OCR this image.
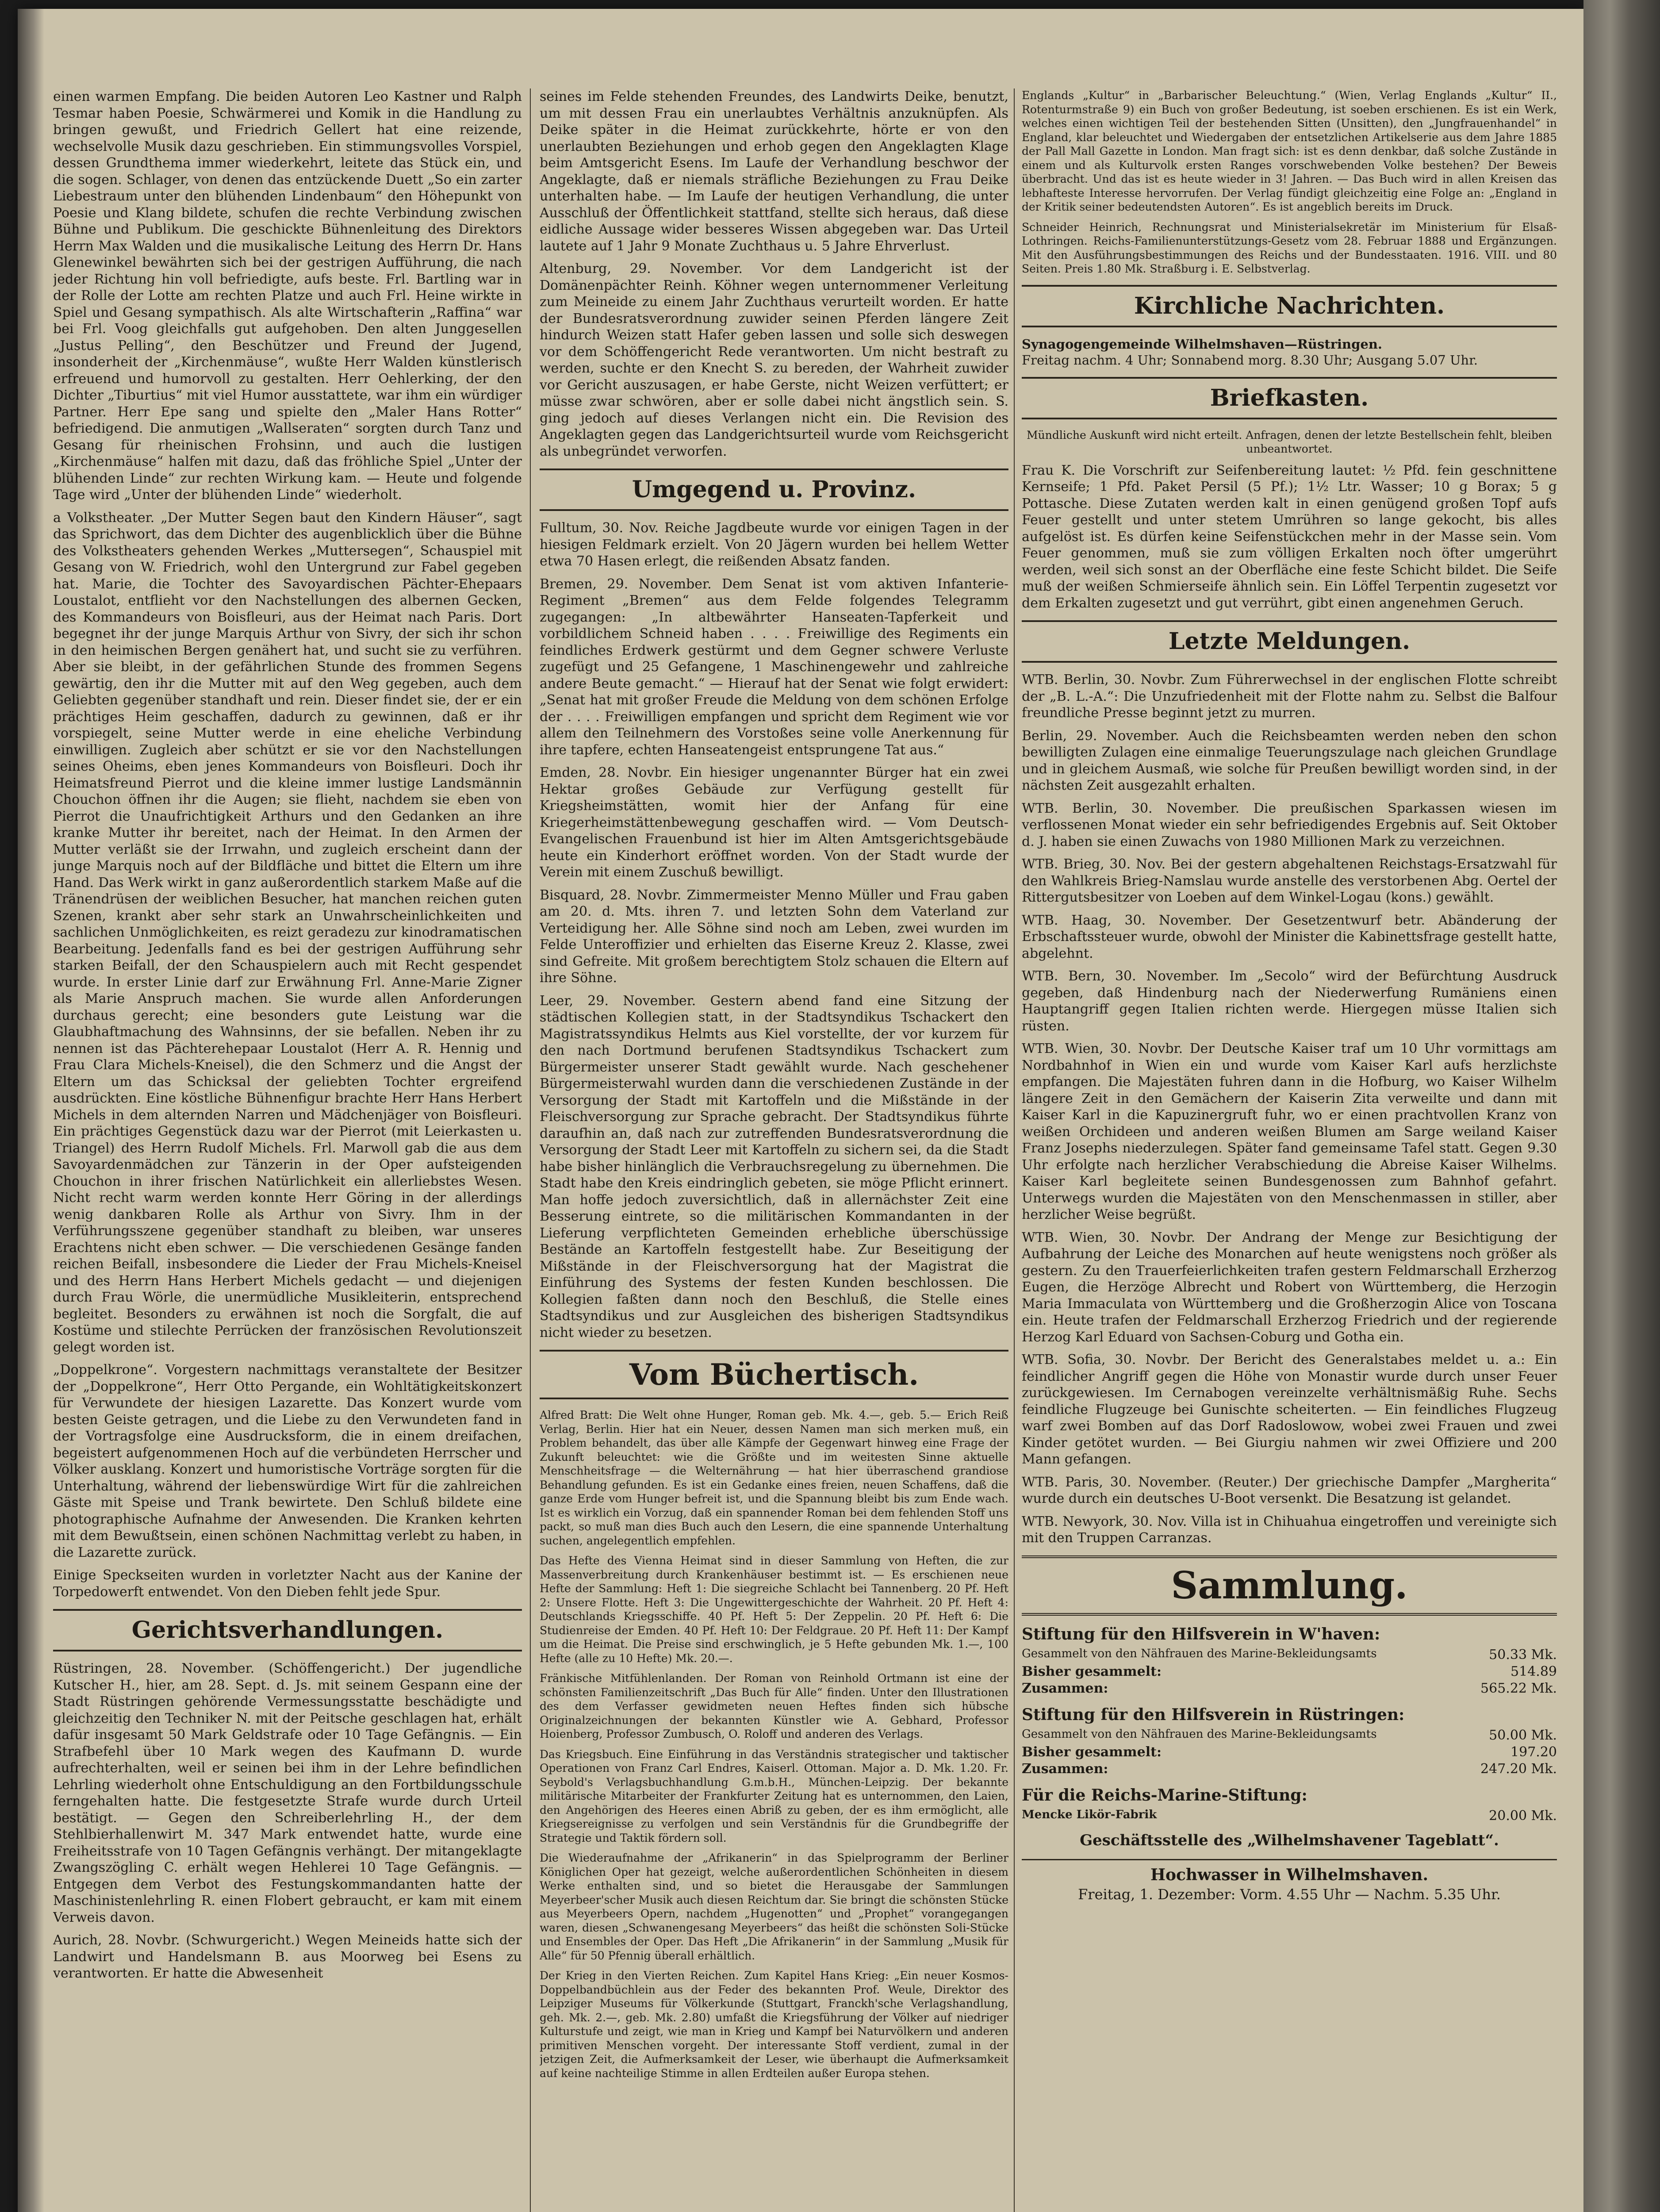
einen warmen Empfang. Die beiden Autoren Leo Kastner und Ralph Tesmar haben Poesie, Schwärmerei und Komik in die Handlung zu bringen gewußt, und Friedrich Gellert hat eine reizende, wechselvolle Musik dazu geschrieben. Ein stimmungsvolles Vorspiel, dessen Grundthema immer wiederkehrt, leitete das Stück ein, und die sogen. Schlager, von denen das entzückende Duett „So ein zarter Liebestraum unter den blühenden Lindenbaum“ den Höhepunkt von Poesie und Klang bildete, schufen die rechte Verbindung zwischen Bühne und Publikum. Die geschickte Bühnenleitung des Direktors Herrn Max Walden und die musikalische Leitung des Herrn Dr. Hans Glenewinkel bewährten sich bei der gestrigen Aufführung, die nach jeder Richtung hin voll befriedigte, aufs beste. Frl. Bartling war in der Rolle der Lotte am rechten Platze und auch Frl. Heine wirkte in Spiel und Gesang sympathisch. Als alte Wirtschafterin „Raffina“ war bei Frl. Voog gleichfalls gut aufgehoben. Den alten Junggesellen „Justus Pelling“, den Beschützer und Freund der Jugend, insonderheit der „Kirchenmäuse“, wußte Herr Walden künstlerisch erfreuend und humorvoll zu gestalten. Herr Oehlerking, der den Dichter „Tiburtius“ mit viel Humor ausstattete, war ihm ein würdiger Partner. Herr Epe sang und spielte den „Maler Hans Rotter“ befriedigend. Die anmutigen „Wallseraten“ sorgten durch Tanz und Gesang für rheinischen Frohsinn, und auch die lustigen „Kirchenmäuse“ halfen mit dazu, daß das fröhliche Spiel „Unter der blühenden Linde“ zur rechten Wirkung kam. — Heute und folgende Tage wird „Unter der blühenden Linde“ wiederholt.

a Volkstheater. „Der Mutter Segen baut den Kindern Häuser“, sagt das Sprichwort, das dem Dichter des augenblicklich über die Bühne des Volkstheaters gehenden Werkes „Muttersegen“, Schauspiel mit Gesang von W. Friedrich, wohl den Untergrund zur Fabel gegeben hat. Marie, die Tochter des Savoyardischen Pächter-Ehepaars Loustalot, entflieht vor den Nachstellungen des albernen Gecken, des Kommandeurs von Boisfleuri, aus der Heimat nach Paris. Dort begegnet ihr der junge Marquis Arthur von Sivry, der sich ihr schon in den heimischen Bergen genähert hat, und sucht sie zu verführen. Aber sie bleibt, in der gefährlichen Stunde des frommen Segens gewärtig, den ihr die Mutter mit auf den Weg gegeben, auch dem Geliebten gegenüber standhaft und rein. Dieser findet sie, der er ein prächtiges Heim geschaffen, dadurch zu gewinnen, daß er ihr vorspiegelt, seine Mutter werde in eine eheliche Verbindung einwilligen. Zugleich aber schützt er sie vor den Nachstellungen seines Oheims, eben jenes Kommandeurs von Boisfleuri. Doch ihr Heimatsfreund Pierrot und die kleine immer lustige Landsmännin Chouchon öffnen ihr die Augen; sie flieht, nachdem sie eben von Pierrot die Unaufrichtigkeit Arthurs und den Gedanken an ihre kranke Mutter ihr bereitet, nach der Heimat. In den Armen der Mutter verläßt sie der Irrwahn, und zugleich erscheint dann der junge Marquis noch auf der Bildfläche und bittet die Eltern um ihre Hand. Das Werk wirkt in ganz außerordentlich starkem Maße auf die Tränendrüsen der weiblichen Besucher, hat manchen reichen guten Szenen, krankt aber sehr stark an Unwahrscheinlichkeiten und sachlichen Unmöglichkeiten, es reizt geradezu zur kinodramatischen Bearbeitung. Jedenfalls fand es bei der gestrigen Aufführung sehr starken Beifall, der den Schauspielern auch mit Recht gespendet wurde. In erster Linie darf zur Erwähnung Frl. Anne-Marie Zigner als Marie Anspruch machen. Sie wurde allen Anforderungen durchaus gerecht; eine besonders gute Leistung war die Glaubhaftmachung des Wahnsinns, der sie befallen. Neben ihr zu nennen ist das Pächterehepaar Loustalot (Herr A. R. Hennig und Frau Clara Michels-Kneisel), die den Schmerz und die Angst der Eltern um das Schicksal der geliebten Tochter ergreifend ausdrückten. Eine köstliche Bühnenfigur brachte Herr Hans Herbert Michels in dem alternden Narren und Mädchenjäger von Boisfleuri. Ein prächtiges Gegenstück dazu war der Pierrot (mit Leierkasten u. Triangel) des Herrn Rudolf Michels. Frl. Marwoll gab die aus dem Savoyardenmädchen zur Tänzerin in der Oper aufsteigenden Chouchon in ihrer frischen Natürlichkeit ein allerliebstes Wesen. Nicht recht warm werden konnte Herr Göring in der allerdings wenig dankbaren Rolle als Arthur von Sivry. Ihm in der Verführungsszene gegenüber standhaft zu bleiben, war unseres Erachtens nicht eben schwer. — Die verschiedenen Gesänge fanden reichen Beifall, insbesondere die Lieder der Frau Michels-Kneisel und des Herrn Hans Herbert Michels gedacht — und diejenigen durch Frau Wörle, die unermüdliche Musikleiterin, entsprechend begleitet. Besonders zu erwähnen ist noch die Sorgfalt, die auf Kostüme und stilechte Perrücken der französischen Revolutionszeit gelegt worden ist.

„Doppelkrone“. Vorgestern nachmittags veranstaltete der Besitzer der „Doppelkrone“, Herr Otto Pergande, ein Wohltätigkeitskonzert für Verwundete der hiesigen Lazarette. Das Konzert wurde vom besten Geiste getragen, und die Liebe zu den Verwundeten fand in der Vortragsfolge eine Ausdrucksform, die in einem dreifachen, begeistert aufgenommenen Hoch auf die verbündeten Herrscher und Völker ausklang. Konzert und humoristische Vorträge sorgten für die Unterhaltung, während der liebenswürdige Wirt für die zahlreichen Gäste mit Speise und Trank bewirtete. Den Schluß bildete eine photographische Aufnahme der Anwesenden. Die Kranken kehrten mit dem Bewußtsein, einen schönen Nachmittag verlebt zu haben, in die Lazarette zurück.

Einige Speckseiten wurden in vorletzter Nacht aus der Kanine der Torpedowerft entwendet. Von den Dieben fehlt jede Spur.

Gerichtsverhandlungen.

Rüstringen, 28. November. (Schöffengericht.) Der jugendliche Kutscher H., hier, am 28. Sept. d. Js. mit seinem Gespann eine der Stadt Rüstringen gehörende Vermessungsstatte beschädigte und gleichzeitig den Techniker N. mit der Peitsche geschlagen hat, erhält dafür insgesamt 50 Mark Geldstrafe oder 10 Tage Gefängnis. — Ein Strafbefehl über 10 Mark wegen des Kaufmann D. wurde aufrechterhalten, weil er seinen bei ihm in der Lehre befindlichen Lehrling wiederholt ohne Entschuldigung an den Fortbildungsschule ferngehalten hatte. Die festgesetzte Strafe wurde durch Urteil bestätigt. — Gegen den Schreiberlehrling H., der dem Stehlbierhallenwirt M. 347 Mark entwendet hatte, wurde eine Freiheitsstrafe von 10 Tagen Gefängnis verhängt. Der mitangeklagte Zwangszögling C. erhält wegen Hehlerei 10 Tage Gefängnis. — Entgegen dem Verbot des Festungskommandanten hatte der Maschinistenlehrling R. einen Flobert gebraucht, er kam mit einem Verweis davon.

Aurich, 28. Novbr. (Schwurgericht.) Wegen Meineids hatte sich der Landwirt und Handelsmann B. aus Moorweg bei Esens zu verantworten. Er hatte die Abwesenheit

seines im Felde stehenden Freundes, des Landwirts Deike, benutzt, um mit dessen Frau ein unerlaubtes Verhältnis anzuknüpfen. Als Deike später in die Heimat zurückkehrte, hörte er von den unerlaubten Beziehungen und erhob gegen den Angeklagten Klage beim Amtsgericht Esens. Im Laufe der Verhandlung beschwor der Angeklagte, daß er niemals sträfliche Beziehungen zu Frau Deike unterhalten habe. — Im Laufe der heutigen Verhandlung, die unter Ausschluß der Öffentlichkeit stattfand, stellte sich heraus, daß diese eidliche Aussage wider besseres Wissen abgegeben war. Das Urteil lautete auf 1 Jahr 9 Monate Zuchthaus u. 5 Jahre Ehrverlust.

Altenburg, 29. November. Vor dem Landgericht ist der Domänenpächter Reinh. Köhner wegen unternommener Verleitung zum Meineide zu einem Jahr Zuchthaus verurteilt worden. Er hatte der Bundesratsverordnung zuwider seinen Pferden längere Zeit hindurch Weizen statt Hafer geben lassen und solle sich deswegen vor dem Schöffengericht Rede verantworten. Um nicht bestraft zu werden, suchte er den Knecht S. zu bereden, der Wahrheit zuwider vor Gericht auszusagen, er habe Gerste, nicht Weizen verfüttert; er müsse zwar schwören, aber er solle dabei nicht ängstlich sein. S. ging jedoch auf dieses Verlangen nicht ein. Die Revision des Angeklagten gegen das Landgerichtsurteil wurde vom Reichsgericht als unbegründet verworfen.

Umgegend u. Provinz.

Fulltum, 30. Nov. Reiche Jagdbeute wurde vor einigen Tagen in der hiesigen Feldmark erzielt. Von 20 Jägern wurden bei hellem Wetter etwa 70 Hasen erlegt, die reißenden Absatz fanden.

Bremen, 29. November. Dem Senat ist vom aktiven Infanterie-Regiment „Bremen“ aus dem Felde folgendes Telegramm zugegangen: „In altbewährter Hanseaten-Tapferkeit und vorbildlichem Schneid haben . . . . Freiwillige des Regiments ein feindliches Erdwerk gestürmt und dem Gegner schwere Verluste zugefügt und 25 Gefangene, 1 Maschinengewehr und zahlreiche andere Beute gemacht.“ — Hierauf hat der Senat wie folgt erwidert: „Senat hat mit großer Freude die Meldung von dem schönen Erfolge der . . . . Freiwilligen empfangen und spricht dem Regiment wie vor allem den Teilnehmern des Vorstoßes seine volle Anerkennung für ihre tapfere, echten Hanseatengeist entsprungene Tat aus.“

Emden, 28. Novbr. Ein hiesiger ungenannter Bürger hat ein zwei Hektar großes Gebäude zur Verfügung gestellt für Kriegsheimstätten, womit hier der Anfang für eine Kriegerheimstättenbewegung geschaffen wird. — Vom Deutsch-Evangelischen Frauenbund ist hier im Alten Amtsgerichtsgebäude heute ein Kinderhort eröffnet worden. Von der Stadt wurde der Verein mit einem Zuschuß bewilligt.

Bisquard, 28. Novbr. Zimmermeister Menno Müller und Frau gaben am 20. d. Mts. ihren 7. und letzten Sohn dem Vaterland zur Verteidigung her. Alle Söhne sind noch am Leben, zwei wurden im Felde Unteroffizier und erhielten das Eiserne Kreuz 2. Klasse, zwei sind Gefreite. Mit großem berechtigtem Stolz schauen die Eltern auf ihre Söhne.

Leer, 29. November. Gestern abend fand eine Sitzung der städtischen Kollegien statt, in der Stadtsyndikus Tschackert den Magistratssyndikus Helmts aus Kiel vorstellte, der vor kurzem für den nach Dortmund berufenen Stadtsyndikus Tschackert zum Bürgermeister unserer Stadt gewählt wurde. Nach geschehener Bürgermeisterwahl wurden dann die verschiedenen Zustände in der Versorgung der Stadt mit Kartoffeln und die Mißstände in der Fleischversorgung zur Sprache gebracht. Der Stadtsyndikus führte daraufhin an, daß nach zur zutreffenden Bundesratsverordnung die Versorgung der Stadt Leer mit Kartoffeln zu sichern sei, da die Stadt habe bisher hinlänglich die Verbrauchsregelung zu übernehmen. Die Stadt habe den Kreis eindringlich gebeten, sie möge Pflicht erinnert. Man hoffe jedoch zuversichtlich, daß in allernächster Zeit eine Besserung eintrete, so die militärischen Kommandanten in der Lieferung verpflichteten Gemeinden erhebliche überschüssige Bestände an Kartoffeln festgestellt habe. Zur Beseitigung der Mißstände in der Fleischversorgung hat der Magistrat die Einführung des Systems der festen Kunden beschlossen. Die Kollegien faßten dann noch den Beschluß, die Stelle eines Stadtsyndikus und zur Ausgleichen des bisherigen Stadtsyndikus nicht wieder zu besetzen.

Vom Büchertisch.

Alfred Bratt: Die Welt ohne Hunger, Roman geb. Mk. 4.—, geb. 5.— Erich Reiß Verlag, Berlin. Hier hat ein Neuer, dessen Namen man sich merken muß, ein Problem behandelt, das über alle Kämpfe der Gegenwart hinweg eine Frage der Zukunft beleuchtet: wie die Größte und im weitesten Sinne aktuelle Menschheitsfrage — die Welternährung — hat hier überraschend grandiose Behandlung gefunden. Es ist ein Gedanke eines freien, neuen Schaffens, daß die ganze Erde vom Hunger befreit ist, und die Spannung bleibt bis zum Ende wach. Ist es wirklich ein Vorzug, daß ein spannender Roman bei dem fehlenden Stoff uns packt, so muß man dies Buch auch den Lesern, die eine spannende Unterhaltung suchen, angelegentlich empfehlen.

Das Hefte des Vienna Heimat sind in dieser Sammlung von Heften, die zur Massenverbreitung durch Krankenhäuser bestimmt ist. — Es erschienen neue Hefte der Sammlung: Heft 1: Die siegreiche Schlacht bei Tannenberg. 20 Pf. Heft 2: Unsere Flotte. Heft 3: Die Ungewittergeschichte der Wahrheit. 20 Pf. Heft 4: Deutschlands Kriegsschiffe. 40 Pf. Heft 5: Der Zeppelin. 20 Pf. Heft 6: Die Studienreise der Emden. 40 Pf. Heft 10: Der Feldgraue. 20 Pf. Heft 11: Der Kampf um die Heimat. Die Preise sind erschwinglich, je 5 Hefte gebunden Mk. 1.—, 100 Hefte (alle zu 10 Hefte) Mk. 20.—.

Fränkische Mitfühlenlanden. Der Roman von Reinhold Ortmann ist eine der schönsten Familienzeitschrift „Das Buch für Alle“ finden. Unter den Illustrationen des dem Verfasser gewidmeten neuen Heftes finden sich hübsche Originalzeichnungen der bekannten Künstler wie A. Gebhard, Professor Hoienberg, Professor Zumbusch, O. Roloff und anderen des Verlags.

Das Kriegsbuch. Eine Einführung in das Verständnis strategischer und taktischer Operationen von Franz Carl Endres, Kaiserl. Ottoman. Major a. D. Mk. 1.20. Fr. Seybold's Verlagsbuchhandlung G.m.b.H., München-Leipzig. Der bekannte militärische Mitarbeiter der Frankfurter Zeitung hat es unternommen, den Laien, den Angehörigen des Heeres einen Abriß zu geben, der es ihm ermöglicht, alle Kriegsereignisse zu verfolgen und sein Verständnis für die Grundbegriffe der Strategie und Taktik fördern soll.

Die Wiederaufnahme der „Afrikanerin“ in das Spielprogramm der Berliner Königlichen Oper hat gezeigt, welche außerordentlichen Schönheiten in diesem Werke enthalten sind, und so bietet die Herausgabe der Sammlungen Meyerbeer'scher Musik auch diesen Reichtum dar. Sie bringt die schönsten Stücke aus Meyerbeers Opern, nachdem „Hugenotten“ und „Prophet“ vorangegangen waren, diesen „Schwanengesang Meyerbeers“ das heißt die schönsten Soli-Stücke und Ensembles der Oper. Das Heft „Die Afrikanerin“ in der Sammlung „Musik für Alle“ für 50 Pfennig überall erhältlich.

Der Krieg in den Vierten Reichen. Zum Kapitel Hans Krieg: „Ein neuer Kosmos-Doppelbandbüchlein aus der Feder des bekannten Prof. Weule, Direktor des Leipziger Museums für Völkerkunde (Stuttgart, Franckh'sche Verlagshandlung, geh. Mk. 2.—, geb. Mk. 2.80) umfaßt die Kriegsführung der Völker auf niedriger Kulturstufe und zeigt, wie man in Krieg und Kampf bei Naturvölkern und anderen primitiven Menschen vorgeht. Der interessante Stoff verdient, zumal in der jetzigen Zeit, die Aufmerksamkeit der Leser, wie überhaupt die Aufmerksamkeit auf keine nachteilige Stimme in allen Erdteilen außer Europa stehen.

Englands „Kultur“ in „Barbarischer Beleuchtung.“ (Wien, Verlag Englands „Kultur“ II., Rotenturmstraße 9) ein Buch von großer Bedeutung, ist soeben erschienen. Es ist ein Werk, welches einen wichtigen Teil der bestehenden Sitten (Unsitten), den „Jungfrauenhandel“ in England, klar beleuchtet und Wiedergaben der entsetzlichen Artikelserie aus dem Jahre 1885 der Pall Mall Gazette in London. Man fragt sich: ist es denn denkbar, daß solche Zustände in einem und als Kulturvolk ersten Ranges vorschwebenden Volke bestehen? Der Beweis überbracht. Und das ist es heute wieder in 3! Jahren. — Das Buch wird in allen Kreisen das lebhafteste Interesse hervorrufen. Der Verlag fündigt gleichzeitig eine Folge an: „England in der Kritik seiner bedeutendsten Autoren“. Es ist angeblich bereits im Druck.

Schneider Heinrich, Rechnungsrat und Ministerialsekretär im Ministerium für Elsaß-Lothringen. Reichs-Familienunterstützungs-Gesetz vom 28. Februar 1888 und Ergänzungen. Mit den Ausführungsbestimmungen des Reichs und der Bundesstaaten. 1916. VIII. und 80 Seiten. Preis 1.80 Mk. Straßburg i. E. Selbstverlag.

Kirchliche Nachrichten.

Synagogengemeinde Wilhelmshaven—Rüstringen.

Freitag nachm. 4 Uhr; Sonnabend morg. 8.30 Uhr; Ausgang 5.07 Uhr.

Briefkasten.

Mündliche Auskunft wird nicht erteilt. Anfragen, denen der letzte Bestellschein fehlt, bleiben unbeantwortet.

Frau K. Die Vorschrift zur Seifenbereitung lautet: ½ Pfd. fein geschnittene Kernseife; 1 Pfd. Paket Persil (5 Pf.); 1½ Ltr. Wasser; 10 g Borax; 5 g Pottasche. Diese Zutaten werden kalt in einen genügend großen Topf aufs Feuer gestellt und unter stetem Umrühren so lange gekocht, bis alles aufgelöst ist. Es dürfen keine Seifenstückchen mehr in der Masse sein. Vom Feuer genommen, muß sie zum völligen Erkalten noch öfter umgerührt werden, weil sich sonst an der Oberfläche eine feste Schicht bildet. Die Seife muß der weißen Schmierseife ähnlich sein. Ein Löffel Terpentin zugesetzt vor dem Erkalten zugesetzt und gut verrührt, gibt einen angenehmen Geruch.

Letzte Meldungen.

WTB. Berlin, 30. Novbr. Zum Führerwechsel in der englischen Flotte schreibt der „B. L.-A.“: Die Unzufriedenheit mit der Flotte nahm zu. Selbst die Balfour freundliche Presse beginnt jetzt zu murren.

Berlin, 29. November. Auch die Reichsbeamten werden neben den schon bewilligten Zulagen eine einmalige Teuerungszulage nach gleichen Grundlage und in gleichem Ausmaß, wie solche für Preußen bewilligt worden sind, in der nächsten Zeit ausgezahlt erhalten.

WTB. Berlin, 30. November. Die preußischen Sparkassen wiesen im verflossenen Monat wieder ein sehr befriedigendes Ergebnis auf. Seit Oktober d. J. haben sie einen Zuwachs von 1980 Millionen Mark zu verzeichnen.

WTB. Brieg, 30. Nov. Bei der gestern abgehaltenen Reichstags-Ersatzwahl für den Wahlkreis Brieg-Namslau wurde anstelle des verstorbenen Abg. Oertel der Rittergutsbesitzer von Loeben auf dem Winkel-Logau (kons.) gewählt.

WTB. Haag, 30. November. Der Gesetzentwurf betr. Abänderung der Erbschaftssteuer wurde, obwohl der Minister die Kabinettsfrage gestellt hatte, abgelehnt.

WTB. Bern, 30. November. Im „Secolo“ wird der Befürchtung Ausdruck gegeben, daß Hindenburg nach der Niederwerfung Rumäniens einen Hauptangriff gegen Italien richten werde. Hiergegen müsse Italien sich rüsten.

WTB. Wien, 30. Novbr. Der Deutsche Kaiser traf um 10 Uhr vormittags am Nordbahnhof in Wien ein und wurde vom Kaiser Karl aufs herzlichste empfangen. Die Majestäten fuhren dann in die Hofburg, wo Kaiser Wilhelm längere Zeit in den Gemächern der Kaiserin Zita verweilte und dann mit Kaiser Karl in die Kapuzinergruft fuhr, wo er einen prachtvollen Kranz von weißen Orchideen und anderen weißen Blumen am Sarge weiland Kaiser Franz Josephs niederzulegen. Später fand gemeinsame Tafel statt. Gegen 9.30 Uhr erfolgte nach herzlicher Verabschiedung die Abreise Kaiser Wilhelms. Kaiser Karl begleitete seinen Bundesgenossen zum Bahnhof gefahrt. Unterwegs wurden die Majestäten von den Menschenmassen in stiller, aber herzlicher Weise begrüßt.

WTB. Wien, 30. Novbr. Der Andrang der Menge zur Besichtigung der Aufbahrung der Leiche des Monarchen auf heute wenigstens noch größer als gestern. Zu den Trauerfeierlichkeiten trafen gestern Feldmarschall Erzherzog Eugen, die Herzöge Albrecht und Robert von Württemberg, die Herzogin Maria Immaculata von Württemberg und die Großherzogin Alice von Toscana ein. Heute trafen der Feldmarschall Erzherzog Friedrich und der regierende Herzog Karl Eduard von Sachsen-Coburg und Gotha ein.

WTB. Sofia, 30. Novbr. Der Bericht des Generalstabes meldet u. a.: Ein feindlicher Angriff gegen die Höhe von Monastir wurde durch unser Feuer zurückgewiesen. Im Cernabogen vereinzelte verhältnismäßig Ruhe. Sechs feindliche Flugzeuge bei Gunischte scheiterten. — Ein feindliches Flugzeug warf zwei Bomben auf das Dorf Radoslowow, wobei zwei Frauen und zwei Kinder getötet wurden. — Bei Giurgiu nahmen wir zwei Offiziere und 200 Mann gefangen.

WTB. Paris, 30. November. (Reuter.) Der griechische Dampfer „Margherita“ wurde durch ein deutsches U-Boot versenkt. Die Besatzung ist gelandet.

WTB. Newyork, 30. Nov. Villa ist in Chihuahua eingetroffen und vereinigte sich mit den Truppen Carranzas.

Sammlung.
Stiftung für den Hilfsverein in W'haven:
Gesammelt von den Nähfrauen des Marine-Bekleidungsamts	50.33 Mk.
Bisher gesammelt:	514.89
Zusammen:	565.22 Mk.
Stiftung für den Hilfsverein in Rüstringen:
Gesammelt von den Nähfrauen des Marine-Bekleidungsamts	50.00 Mk.
Bisher gesammelt:	197.20
Zusammen:	247.20 Mk.
Für die Reichs-Marine-Stiftung:
Mencke Likör-Fabrik	20.00 Mk.
Geschäftsstelle des „Wilhelmshavener Tageblatt“.
Hochwasser in Wilhelmshaven.

Freitag, 1. Dezember: Vorm. 4.55 Uhr — Nachm. 5.35 Uhr.
